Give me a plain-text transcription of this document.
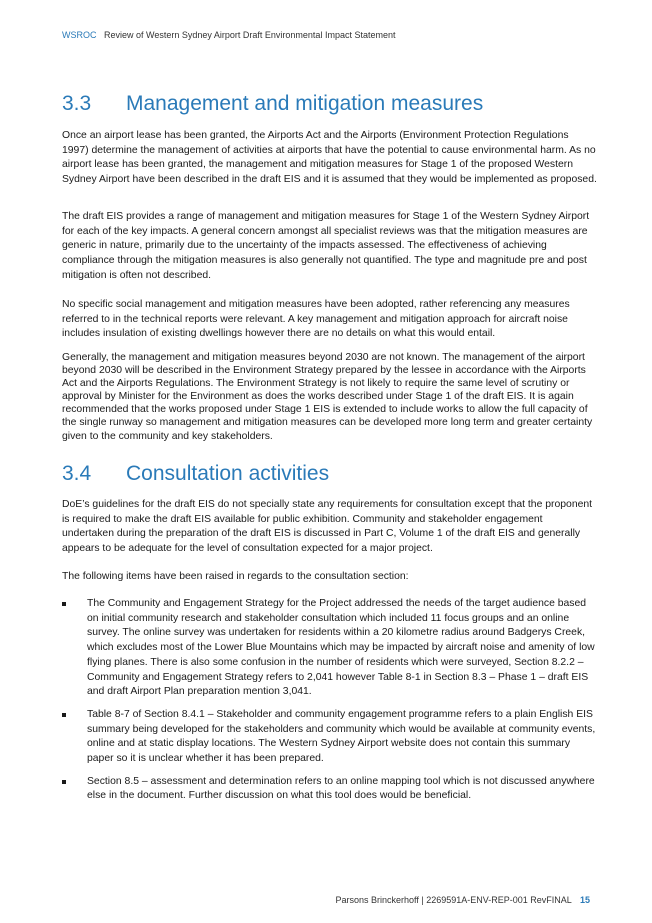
WSROC Review of Western Sydney Airport Draft Environmental Impact Statement
3.3 Management and mitigation measures

Once an airport lease has been granted, the Airports Act and the Airports (Environment Protection Regulations 1997) determine the management of activities at airports that have the potential to cause environmental harm. As no airport lease has been granted, the management and mitigation measures for Stage 1 of the proposed Western Sydney Airport have been described in the draft EIS and it is assumed that they would be implemented as proposed.

The draft EIS provides a range of management and mitigation measures for Stage 1 of the Western Sydney Airport for each of the key impacts. A general concern amongst all specialist reviews was that the mitigation measures are generic in nature, primarily due to the uncertainty of the impacts assessed. The effectiveness of achieving compliance through the mitigation measures is also generally not quantified. The type and magnitude pre and post mitigation is often not described.

No specific social management and mitigation measures have been adopted, rather referencing any measures referred to in the technical reports were relevant. A key management and mitigation approach for aircraft noise includes insulation of existing dwellings however there are no details on what this would entail.

Generally, the management and mitigation measures beyond 2030 are not known. The management of the airport beyond 2030 will be described in the Environment Strategy prepared by the lessee in accordance with the Airports Act and the Airports Regulations. The Environment Strategy is not likely to require the same level of scrutiny or approval by Minister for the Environment as does the works described under Stage 1 of the draft EIS. It is again recommended that the works proposed under Stage 1 EIS is extended to include works to allow the full capacity of the single runway so management and mitigation measures can be developed more long term and greater certainty given to the community and key stakeholders.

3.4 Consultation activities

DoE’s guidelines for the draft EIS do not specially state any requirements for consultation except that the proponent is required to make the draft EIS available for public exhibition. Community and stakeholder engagement undertaken during the preparation of the draft EIS is discussed in Part C, Volume 1 of the draft EIS and generally appears to be adequate for the level of consultation expected for a major project.

The following items have been raised in regards to the consultation section:

The Community and Engagement Strategy for the Project addressed the needs of the target audience based on initial community research and stakeholder consultation which included 11 focus groups and an online survey. The online survey was undertaken for residents within a 20 kilometre radius around Badgerys Creek, which excludes most of the Lower Blue Mountains which may be impacted by aircraft noise and amenity of low flying planes. There is also some confusion in the number of residents which were surveyed, Section 8.2.2 – Community and Engagement Strategy refers to 2,041 however Table 8-1 in Section 8.3 – Phase 1 – draft EIS and draft Airport Plan preparation mention 3,041.
Table 8-7 of Section 8.4.1 – Stakeholder and community engagement programme refers to a plain English EIS summary being developed for the stakeholders and community which would be available at community events, online and at static display locations. The Western Sydney Airport website does not contain this summary paper so it is unclear whether it has been prepared.
Section 8.5 – assessment and determination refers to an online mapping tool which is not discussed anywhere else in the document. Further discussion on what this tool does would be beneficial.
Parsons Brinckerhoff | 2269591A-ENV-REP-001 RevFINAL 15
